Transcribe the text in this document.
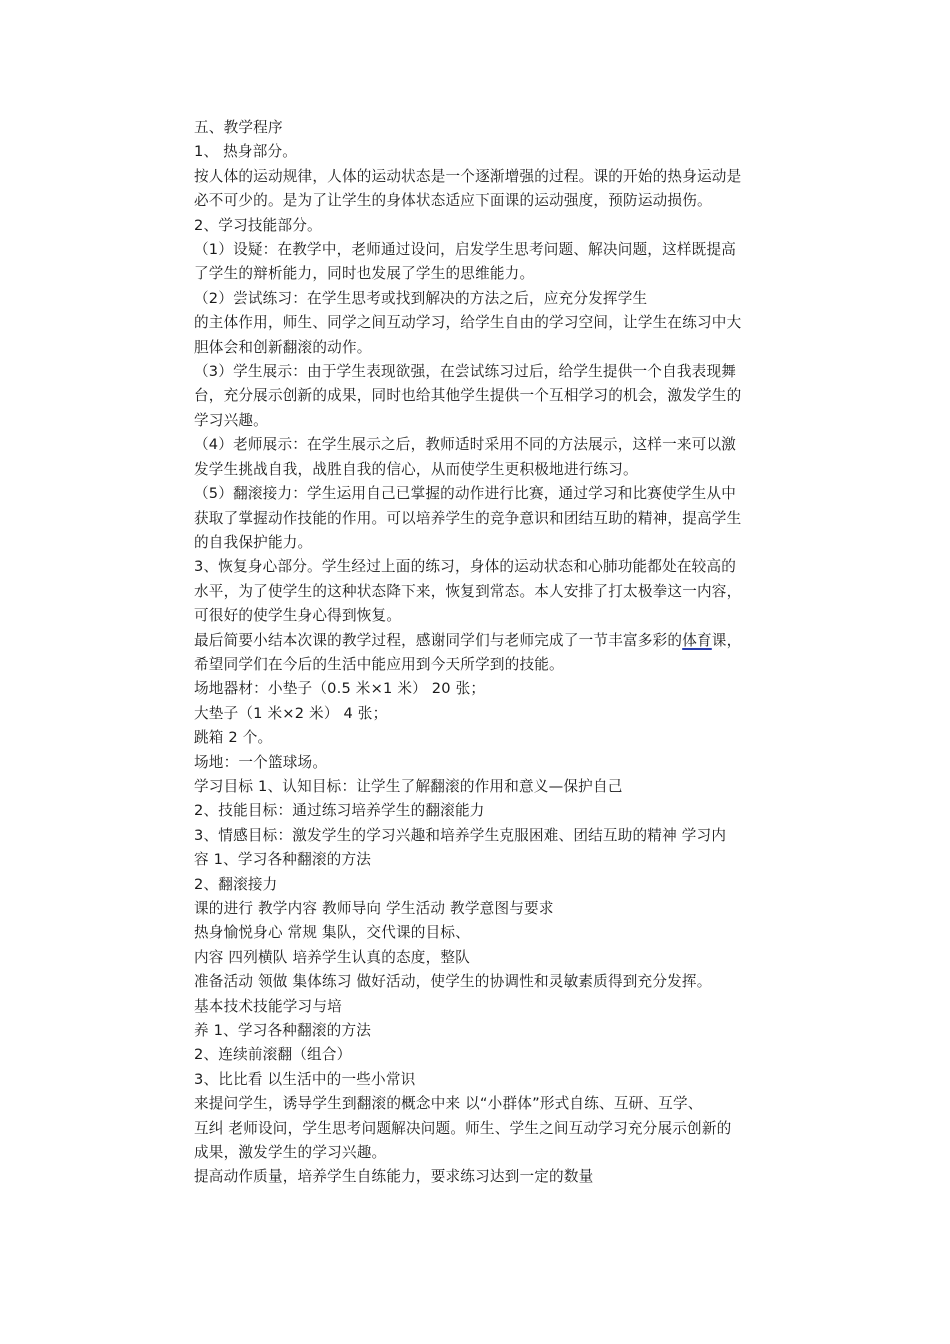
五、教学程序
1、 热身部分。
按人体的运动规律，人体的运动状态是一个逐渐增强的过程。课的开始的热身运动是
必不可少的。是为了让学生的身体状态适应下面课的运动强度，预防运动损伤。
2、学习技能部分。
（1）设疑：在教学中，老师通过设问，启发学生思考问题、解决问题，这样既提高
了学生的辩析能力，同时也发展了学生的思维能力。
（2）尝试练习：在学生思考或找到解决的方法之后，应充分发挥学生
的主体作用，师生、同学之间互动学习，给学生自由的学习空间，让学生在练习中大
胆体会和创新翻滚的动作。
（3）学生展示：由于学生表现欲强，在尝试练习过后，给学生提供一个自我表现舞
台，充分展示创新的成果，同时也给其他学生提供一个互相学习的机会，激发学生的
学习兴趣。
（4）老师展示：在学生展示之后，教师适时采用不同的方法展示，这样一来可以激
发学生挑战自我，战胜自我的信心，从而使学生更积极地进行练习。
（5）翻滚接力：学生运用自己已掌握的动作进行比赛，通过学习和比赛使学生从中
获取了掌握动作技能的作用。可以培养学生的竞争意识和团结互助的精神，提高学生
的自我保护能力。
3、恢复身心部分。学生经过上面的练习，身体的运动状态和心肺功能都处在较高的
水平，为了使学生的这种状态降下来，恢复到常态。本人安排了打太极拳这一内容，
可很好的使学生身心得到恢复。
最后简要小结本次课的教学过程，感谢同学们与老师完成了一节丰富多彩的体育课，
希望同学们在今后的生活中能应用到今天所学到的技能。
场地器材：小垫子（0.5 米×1 米） 20 张；
大垫子（1 米×2 米） 4 张；
跳箱 2 个。
场地：一个篮球场。
学习目标 1、认知目标：让学生了解翻滚的作用和意义—保护自己
2、技能目标：通过练习培养学生的翻滚能力
3、情感目标：激发学生的学习兴趣和培养学生克服困难、团结互助的精神 学习内
容 1、学习各种翻滚的方法
2、翻滚接力
课的进行 教学内容 教师导向 学生活动 教学意图与要求
热身愉悦身心 常规 集队，交代课的目标、
内容 四列横队 培养学生认真的态度，整队
准备活动 领做 集体练习 做好活动，使学生的协调性和灵敏素质得到充分发挥。
基本技术技能学习与培
养 1、学习各种翻滚的方法
2、连续前滚翻（组合）
3、比比看 以生活中的一些小常识
来提问学生，诱导学生到翻滚的概念中来 以“小群体”形式自练、互研、互学、
互纠 老师设问，学生思考问题解决问题。师生、学生之间互动学习充分展示创新的
成果，激发学生的学习兴趣。
提高动作质量，培养学生自练能力，要求练习达到一定的数量
